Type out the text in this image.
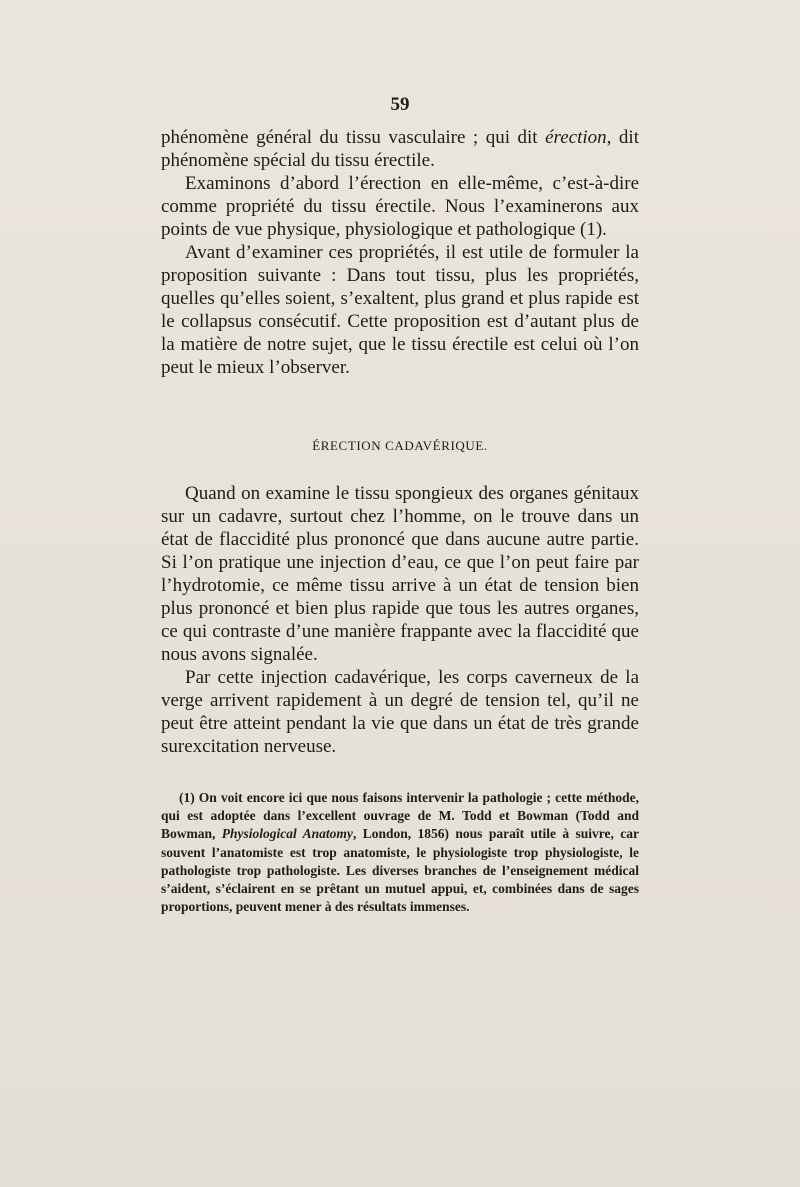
59

phénomène général du tissu vasculaire ; qui dit érection, dit phénomène spécial du tissu érectile.

Examinons d’abord l’érection en elle-même, c’est-à-dire comme propriété du tissu érectile. Nous l’examinerons aux points de vue physique, physiologique et pathologique (1).

Avant d’examiner ces propriétés, il est utile de formuler la proposition suivante : Dans tout tissu, plus les propriétés, quelles qu’elles soient, s’exaltent, plus grand et plus rapide est le collapsus consécutif. Cette proposition est d’autant plus de la matière de notre sujet, que le tissu érectile est celui où l’on peut le mieux l’observer.

ÉRECTION CADAVÉRIQUE.

Quand on examine le tissu spongieux des organes génitaux sur un cadavre, surtout chez l’homme, on le trouve dans un état de flaccidité plus prononcé que dans aucune autre partie. Si l’on pratique une injection d’eau, ce que l’on peut faire par l’hydrotomie, ce même tissu arrive à un état de tension bien plus prononcé et bien plus rapide que tous les autres organes, ce qui contraste d’une manière frappante avec la flaccidité que nous avons signalée.

Par cette injection cadavérique, les corps caverneux de la verge arrivent rapidement à un degré de tension tel, qu’il ne peut être atteint pendant la vie que dans un état de très grande surexcitation nerveuse.

(1) On voit encore ici que nous faisons intervenir la pathologie ; cette méthode, qui est adoptée dans l’excellent ouvrage de M. Todd et Bowman (Todd and Bowman, Physiological Anatomy, London, 1856) nous paraît utile à suivre, car souvent l’anatomiste est trop anatomiste, le physiologiste trop physiologiste, le pathologiste trop pathologiste. Les diverses branches de l’enseignement médical s’aident, s’éclairent en se prêtant un mutuel appui, et, combinées dans de sages proportions, peuvent mener à des résultats immenses.
